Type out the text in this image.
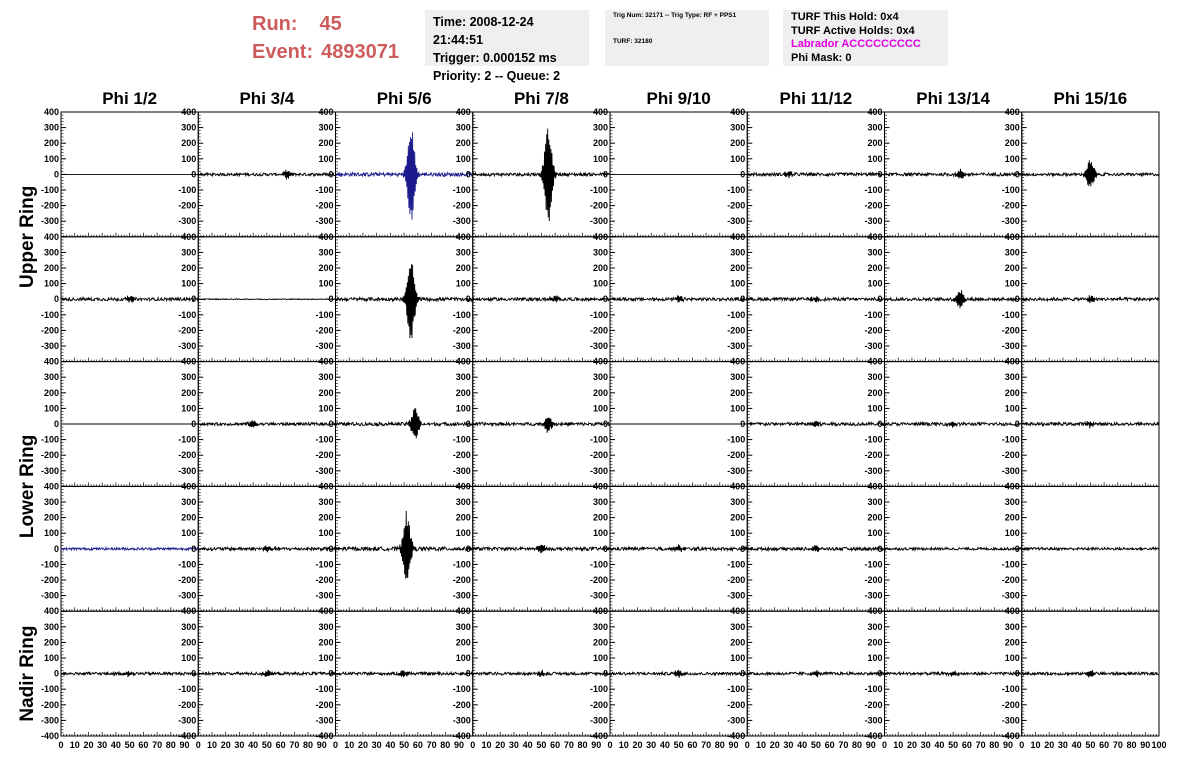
Run: 45
Event: 4893071
Time: 2008-12-24 21:44:51
Trigger: 0.000152 ms
Priority: 2 -- Queue: 2
Trig Num: 32171 -- Trig Type: RF + PPS1
TURF: 32180
TURF This Hold: 0x4
TURF Active Holds: 0x4
Labrador ACCCCCCCCC
Phi Mask: 0
Phi 1/2	Phi 3/4	Phi 5/6	Phi 7/8	Phi 9/10	Phi 11/12	Phi 13/14	Phi 15/16
Upper Ring
Lower Ring
Nadir Ring
400
300
200
100
0
-100
-200
-300
400
300
200
100
0
-100
-200
-300
400
300
200
100
0
-100
-200
-300
400
300
200
100
0
-100
-200
-300
400
300
200
100
0
-100
-200
-300
400
300
200
100
0
-100
-200
-300
400
300
200
100
0
-100
-200
-300
400
300
200
100
0
-100
-200
-300
400
300
200
100
0
-100
-200
-300
400
300
200
100
0
-100
-200
-300
400
300
200
100
0
-100
-200
-300
400
300
200
100
0
-100
-200
-300
400
300
200
100
0
-100
-200
-300
400
300
200
100
0
-100
-200
-300
400
300
200
100
0
-100
-200
-300
400
300
200
100
0
-100
-200
-300
400
300
200
100
0
-100
-200
-300
400
300
200
100
0
-100
-200
-300
400
300
200
100
0
-100
-200
-300
400
300
200
100
0
-100
-200
-300
400
300
200
100
0
-100
-200
-300
400
300
200
100
0
-100
-200
-300
400
300
200
100
0
-100
-200
-300
400
300
200
100
0
-100
-200
-300
400
300
200
100
0
-100
-200
-300
400
300
200
100
0
-100
-200
-300
400
300
200
100
0
-100
-200
-300
400
300
200
100
0
-100
-200
-300
400
300
200
100
0
-100
-200
-300
400
300
200
100
0
-100
-200
-300
400
300
200
100
0
-100
-200
-300
400
300
200
100
0
-100
-200
-300
400
300
200
100
0
-100
-200
-300
-400
400
300
200
100
0
-100
-200
-300
-400
400
300
200
100
0
-100
-200
-300
-400
400
300
200
100
0
-100
-200
-300
-400
400
300
200
100
0
-100
-200
-300
-400
400
300
200
100
0
-100
-200
-300
-400
400
300
200
100
0
-100
-200
-300
-400
400
300
200
100
0
-100
-200
-300
-400
0 10 20 30 40 50 60 70 80 90 0 10 20 30 40 50 60 70 80 90 0 10 20 30 40 50 60 70 80 90 0 10 20 30 40 50 60 70 80 90 0 10 20 30 40 50 60 70 80 90 0 10 20 30 40 50 60 70 80 90 0 10 20 30 40 50 60 70 80 90 0 10 20 30 40 50 60 70 80 90 100
